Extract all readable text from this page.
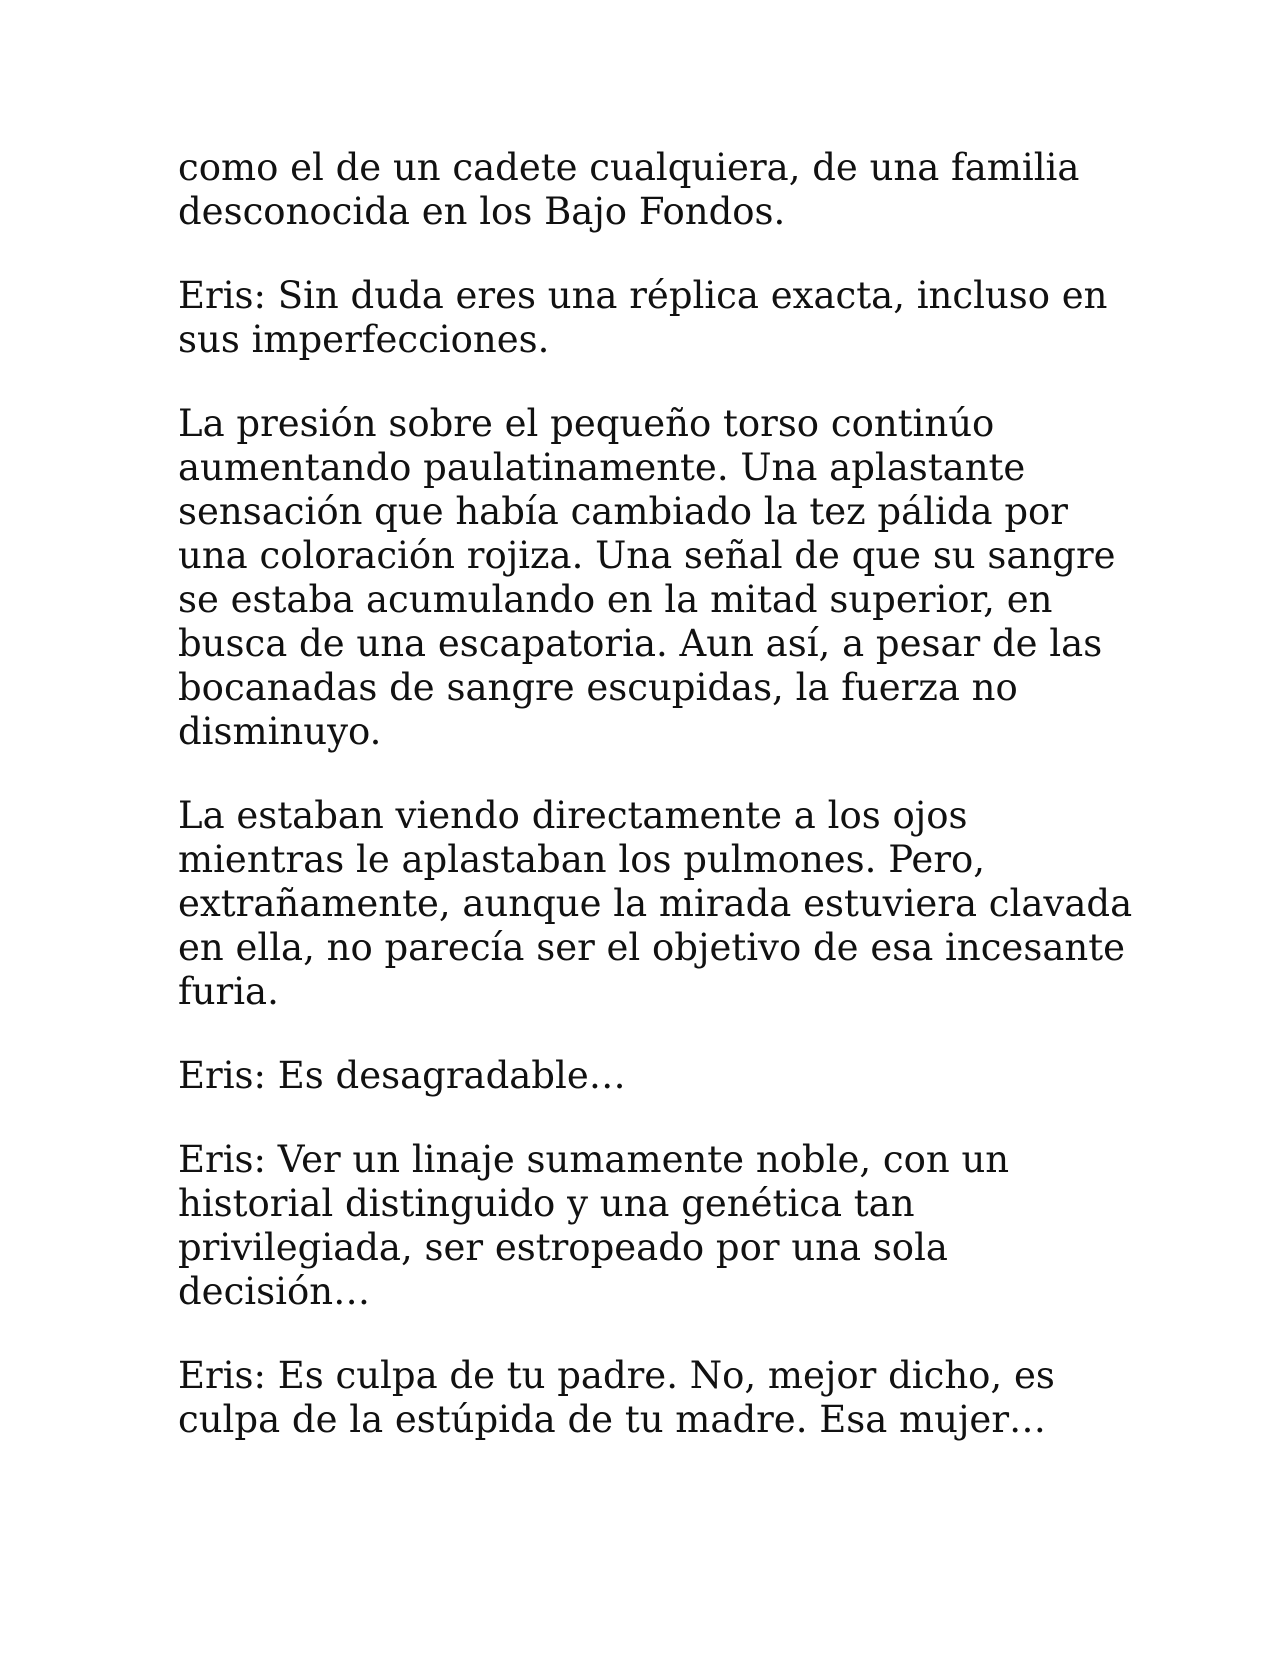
como el de un cadete cualquiera, de una familia
desconocida en los Bajo Fondos.

Eris: Sin duda eres una réplica exacta, incluso en
sus imperfecciones.

La presión sobre el pequeño torso continúo
aumentando paulatinamente. Una aplastante
sensación que había cambiado la tez pálida por
una coloración rojiza. Una señal de que su sangre
se estaba acumulando en la mitad superior, en
busca de una escapatoria. Aun así, a pesar de las
bocanadas de sangre escupidas, la fuerza no
disminuyo.

La estaban viendo directamente a los ojos
mientras le aplastaban los pulmones. Pero,
extrañamente, aunque la mirada estuviera clavada
en ella, no parecía ser el objetivo de esa incesante
furia.

Eris: Es desagradable…

Eris: Ver un linaje sumamente noble, con un
historial distinguido y una genética tan
privilegiada, ser estropeado por una sola
decisión…

Eris: Es culpa de tu padre. No, mejor dicho, es
culpa de la estúpida de tu madre. Esa mujer…
